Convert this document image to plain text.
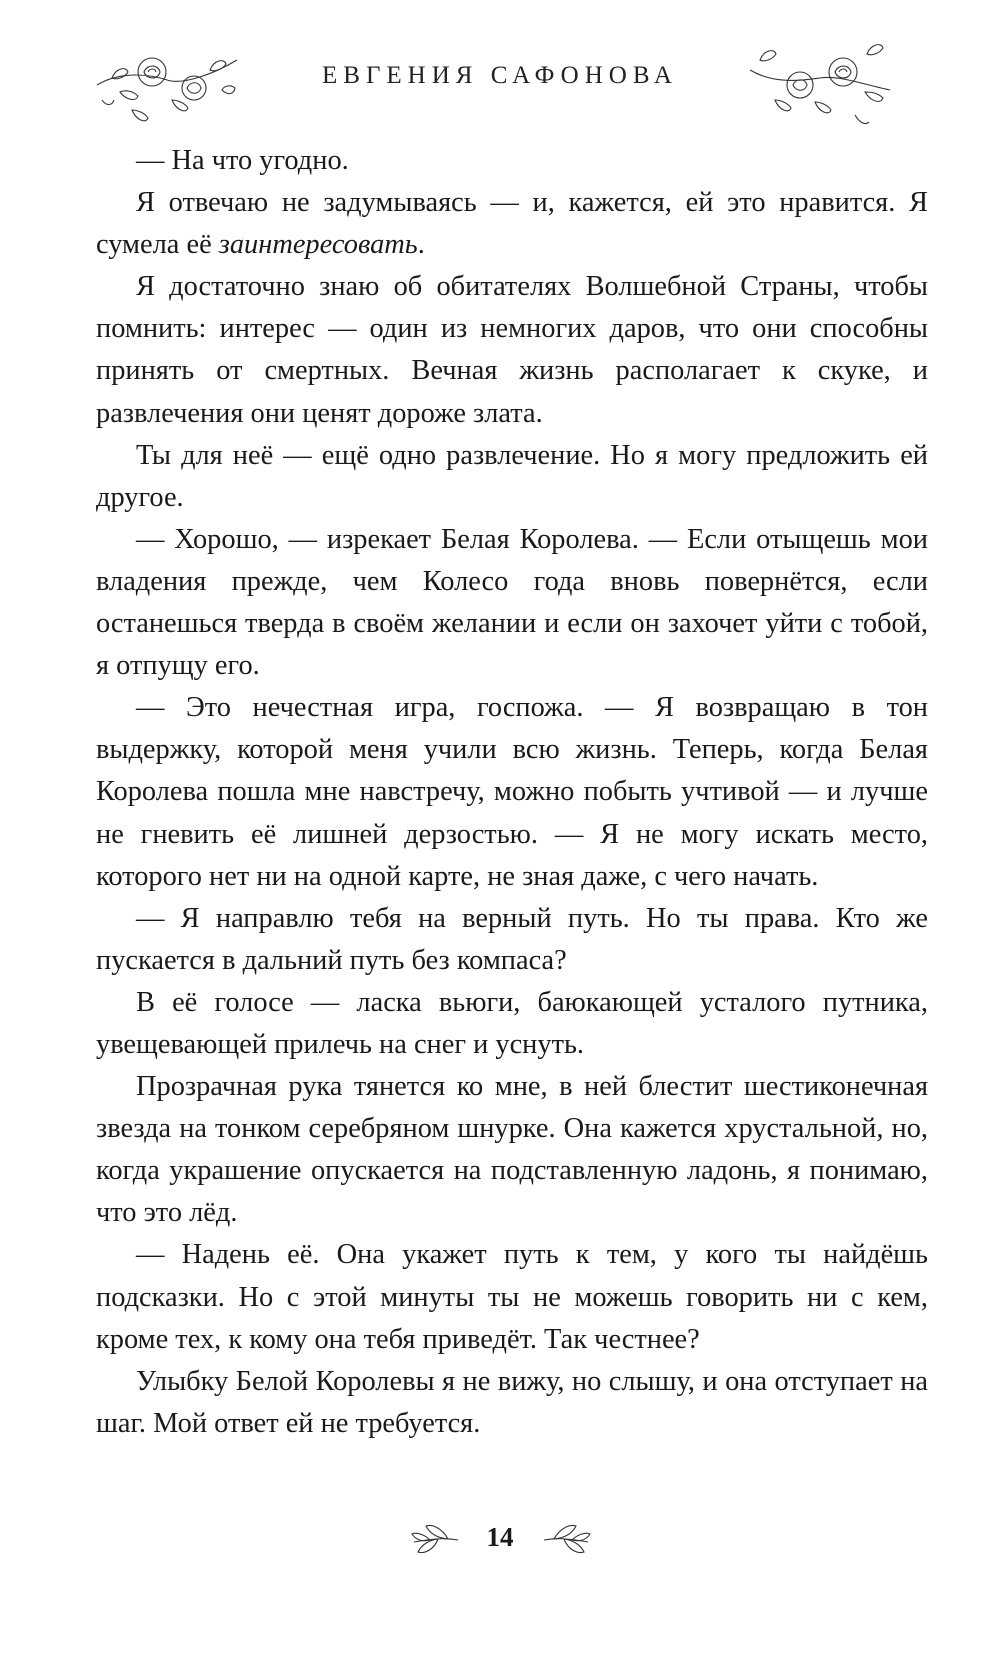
ЕВГЕНИЯ САФОНОВА

— На что угодно.

Я отвечаю не задумываясь — и, кажется, ей это нравится. Я сумела её заинтересовать.

Я достаточно знаю об обитателях Волшебной Страны, чтобы помнить: интерес — один из немногих даров, что они способны принять от смертных. Вечная жизнь располагает к скуке, и развлечения они ценят дороже злата.

Ты для неё — ещё одно развлечение. Но я могу предложить ей другое.

— Хорошо, — изрекает Белая Королева. — Если отыщешь мои владения прежде, чем Колесо года вновь повернётся, если останешься тверда в своём желании и если он захочет уйти с тобой, я отпущу его.

— Это нечестная игра, госпожа. — Я возвращаю в тон выдержку, которой меня учили всю жизнь. Теперь, когда Белая Королева пошла мне навстречу, можно побыть учтивой — и лучше не гневить её лишней дерзостью. — Я не могу искать место, которого нет ни на одной карте, не зная даже, с чего начать.

— Я направлю тебя на верный путь. Но ты права. Кто же пускается в дальний путь без компаса?

В её голосе — ласка вьюги, баюкающей усталого путника, увещевающей прилечь на снег и уснуть.

Прозрачная рука тянется ко мне, в ней блестит шестиконечная звезда на тонком серебряном шнурке. Она кажется хрустальной, но, когда украшение опускается на подставленную ладонь, я понимаю, что это лёд.

— Надень её. Она укажет путь к тем, у кого ты найдёшь подсказки. Но с этой минуты ты не можешь говорить ни с кем, кроме тех, к кому она тебя приведёт. Так честнее?

Улыбку Белой Королевы я не вижу, но слышу, и она отступает на шаг. Мой ответ ей не требуется.

14
